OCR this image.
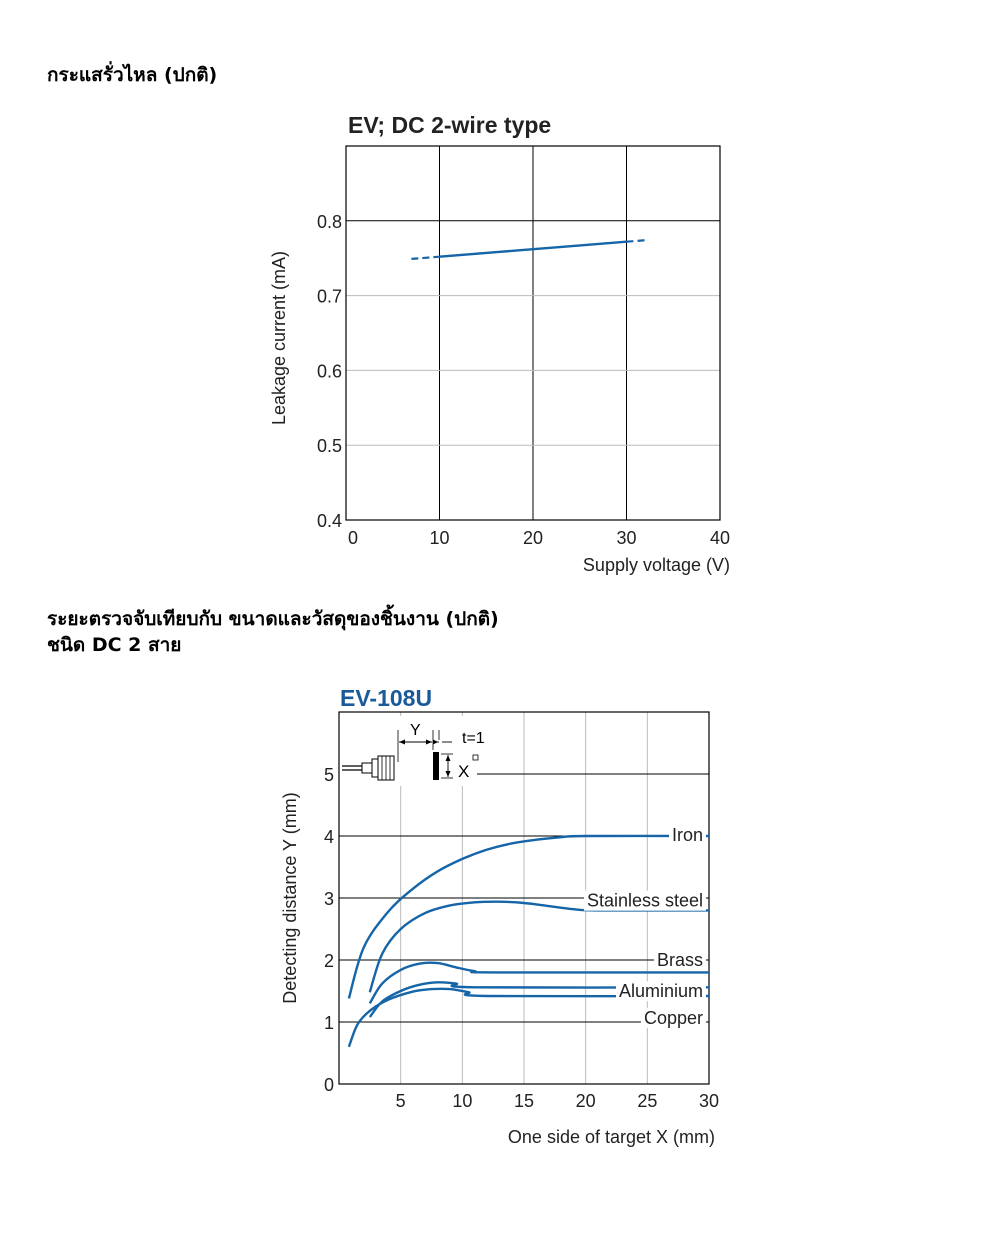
กระแสรั่วไหล (ปกติ)

EV; DC 2-wire type
0	10	20	30	40
0.4
0.5
0.6
0.7
0.8
Supply voltage (V)
Leakage current (mA)

ระยะตรวจจับเทียบกับ ขนาดและวัสดุของชิ้นงาน (ปกติ)
ชนิด DC 2 สาย

EV-108U
Y	t=1
X
5	10 15 20 25 30
0
1
2
3
4
5
One side of target X (mm)
Detecting distance Y (mm)	Iron
Stainless steel
Brass
Aluminium
Copper
